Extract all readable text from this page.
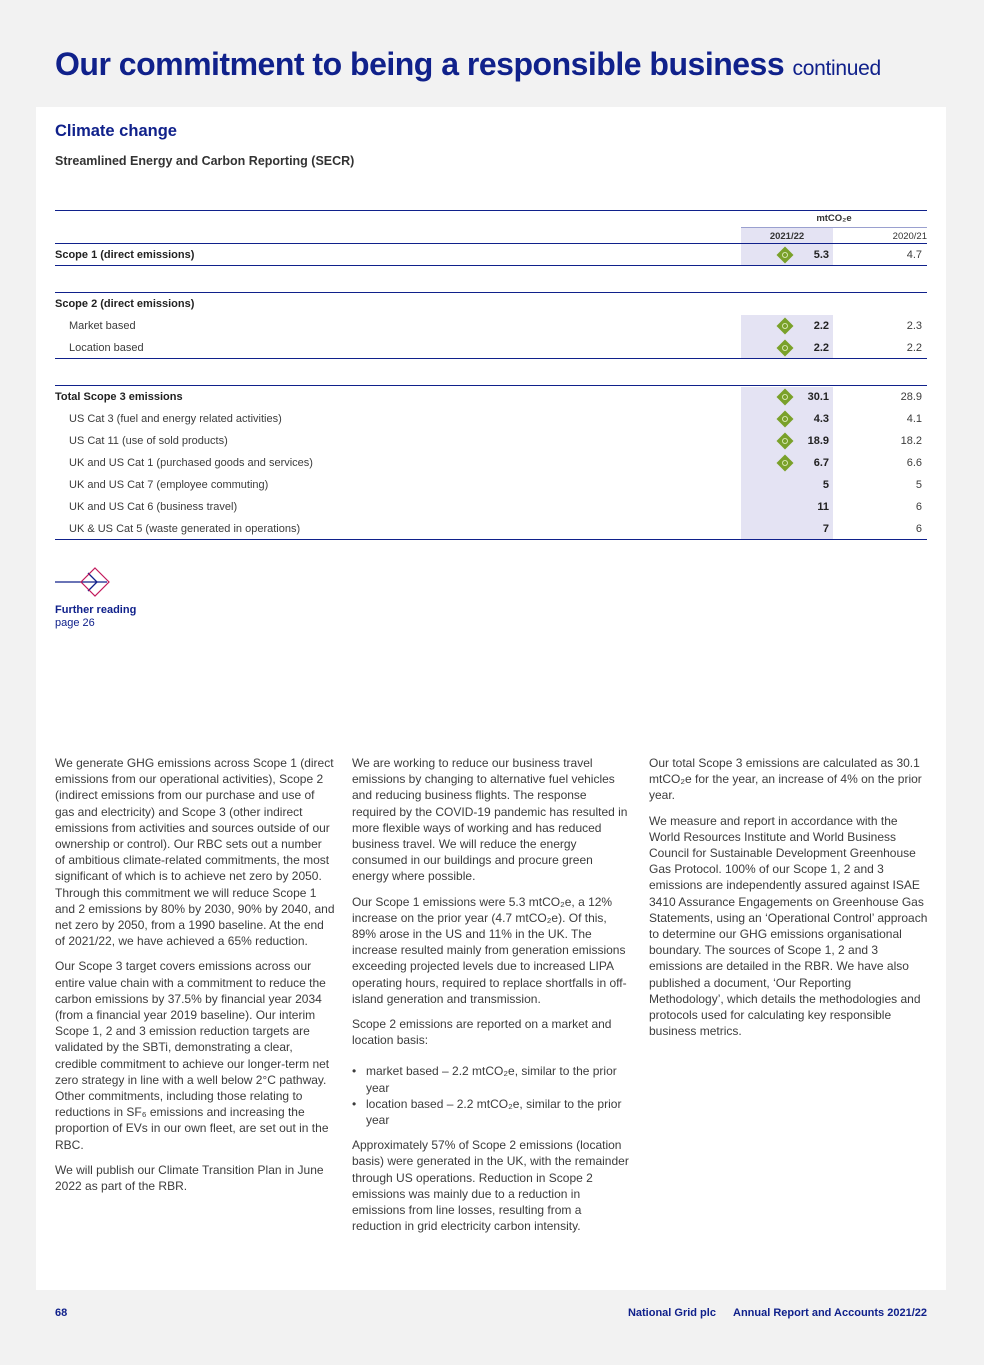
Our commitment to being a responsible business continued
Climate change
Streamlined Energy and Carbon Reporting (SECR)
mtCO₂e
2021/22	2020/21
Scope 1 (direct emissions)	5.3	4.7
Scope 2 (direct emissions)
Market based	2.2	2.3
Location based	2.2	2.2
Total Scope 3 emissions	30.1	28.9
US Cat 3 (fuel and energy related activities)	4.3	4.1
US Cat 11 (use of sold products)	18.9	18.2
UK and US Cat 1 (purchased goods and services)	6.7	6.6
UK and US Cat 7 (employee commuting)	5	5
UK and US Cat 6 (business travel)	11	6
UK & US Cat 5 (waste generated in operations)	7	6
Further reading
page 26

We generate GHG emissions across Scope 1 (direct emissions from our operational activities), Scope 2 (indirect emissions from our purchase and use of gas and electricity) and Scope 3 (other indirect emissions from activities and sources outside of our ownership or control). Our RBC sets out a number of ambitious climate-related commitments, the most significant of which is to achieve net zero by 2050. Through this commitment we will reduce Scope 1 and 2 emissions by 80% by 2030, 90% by 2040, and net zero by 2050, from a 1990 baseline. At the end of 2021/22, we have achieved a 65% reduction.

Our Scope 3 target covers emissions across our entire value chain with a commitment to reduce the carbon emissions by 37.5% by financial year 2034 (from a financial year 2019 baseline). Our interim Scope 1, 2 and 3 emission reduction targets are validated by the SBTi, demonstrating a clear, credible commitment to achieve our longer-term net zero strategy in line with a well below 2°C pathway. Other commitments, including those relating to reductions in SF₆ emissions and increasing the proportion of EVs in our own fleet, are set out in the RBC.

We will publish our Climate Transition Plan in June 2022 as part of the RBR.

We are working to reduce our business travel emissions by changing to alternative fuel vehicles and reducing business flights. The response required by the COVID-19 pandemic has resulted in more flexible ways of working and has reduced business travel. We will reduce the energy consumed in our buildings and procure green energy where possible.

Our Scope 1 emissions were 5.3 mtCO₂e, a 12% increase on the prior year (4.7 mtCO₂e). Of this, 89% arose in the US and 11% in the UK. The increase resulted mainly from generation emissions exceeding projected levels due to increased LIPA operating hours, required to replace shortfalls in off-island generation and transmission.

Scope 2 emissions are reported on a market and location basis:

• market based – 2.2 mtCO₂e, similar to the prior year
• location based – 2.2 mtCO₂e, similar to the prior year

Approximately 57% of Scope 2 emissions (location basis) were generated in the UK, with the remainder through US operations. Reduction in Scope 2 emissions was mainly due to a reduction in emissions from line losses, resulting from a reduction in grid electricity carbon intensity.

Our total Scope 3 emissions are calculated as 30.1 mtCO₂e for the year, an increase of 4% on the prior year.

We measure and report in accordance with the World Resources Institute and World Business Council for Sustainable Development Greenhouse Gas Protocol. 100% of our Scope 1, 2 and 3 emissions are independently assured against ISAE 3410 Assurance Engagements on Greenhouse Gas Statements, using an ‘Operational Control’ approach to determine our GHG emissions organisational boundary. The sources of Scope 1, 2 and 3 emissions are detailed in the RBR. We have also published a document, ‘Our Reporting Methodology’, which details the methodologies and protocols used for calculating key responsible business metrics.

68	National Grid plc Annual Report and Accounts 2021/22
